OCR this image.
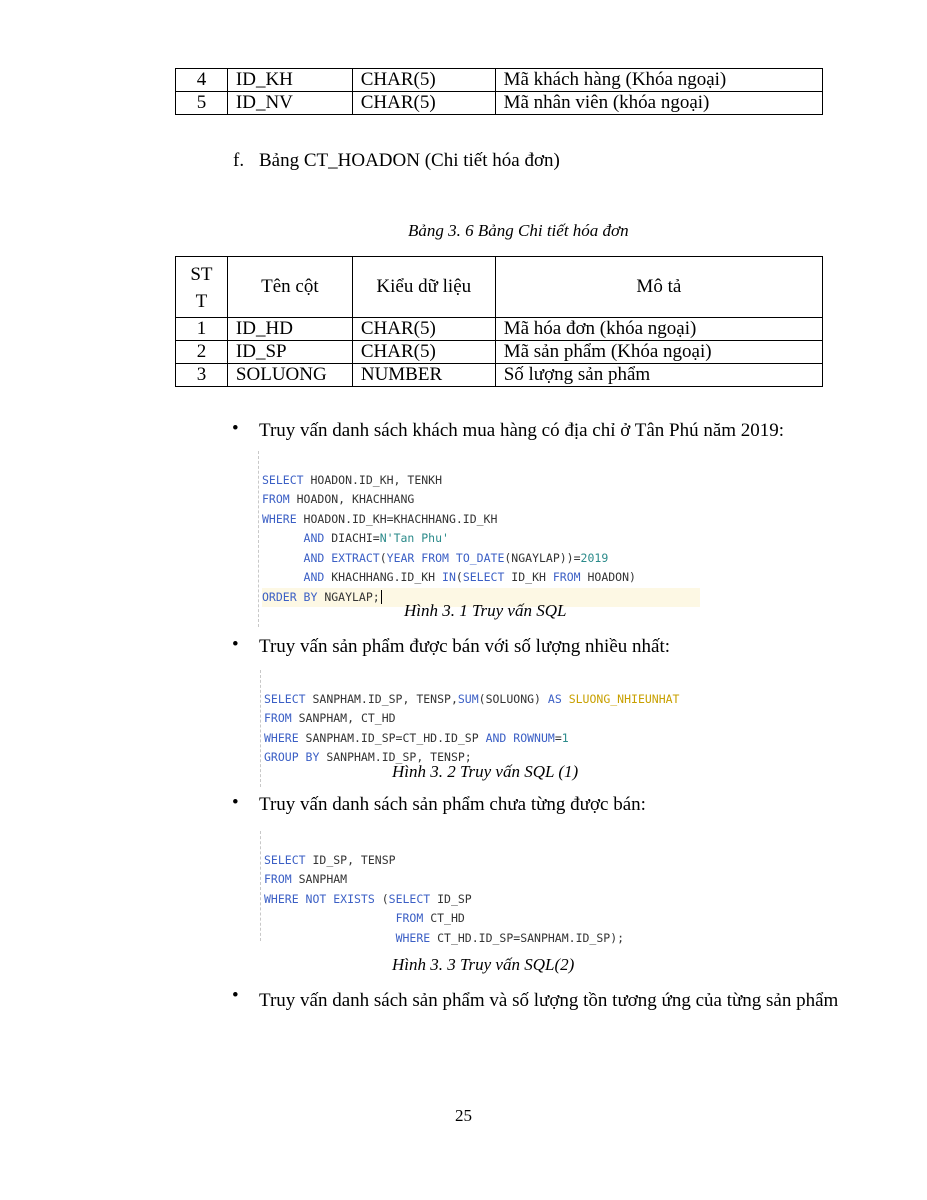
4	ID_KH	CHAR(5)	Mã khách hàng (Khóa ngoại)
5	ID_NV	CHAR(5)	Mã nhân viên (khóa ngoại)
f. Bảng CT_HOADON (Chi tiết hóa đơn)
Bảng 3. 6 Bảng Chi tiết hóa đơn
ST
T	Tên cột	Kiểu dữ liệu	Mô tả
1	ID_HD	CHAR(5)	Mã hóa đơn (khóa ngoại)
2	ID_SP	CHAR(5)	Mã sản phẩm (Khóa ngoại)
3	SOLUONG	NUMBER	Số lượng sản phẩm
• Truy vấn danh sách khách mua hàng có địa chỉ ở Tân Phú năm 2019:

SELECT HOADON.ID_KH, TENKH
FROM HOADON, KHACHHANG
WHERE HOADON.ID_KH=KHACHHANG.ID_KH
AND DIACHI=N'Tan Phu'
AND EXTRACT(YEAR FROM TO_DATE(NGAYLAP))=2019
AND KHACHHANG.ID_KH IN(SELECT ID_KH FROM HOADON)
ORDER BY NGAYLAP;

Hình 3. 1 Truy vấn SQL
• Truy vấn sản phẩm được bán với số lượng nhiều nhất:

SELECT SANPHAM.ID_SP, TENSP,SUM(SOLUONG) AS SLUONG_NHIEUNHAT
FROM SANPHAM, CT_HD
WHERE SANPHAM.ID_SP=CT_HD.ID_SP AND ROWNUM=1
GROUP BY SANPHAM.ID_SP, TENSP;

Hình 3. 2 Truy vấn SQL (1)
• Truy vấn danh sách sản phẩm chưa từng được bán:

SELECT ID_SP, TENSP
FROM SANPHAM
WHERE NOT EXISTS (SELECT ID_SP
FROM CT_HD
WHERE CT_HD.ID_SP=SANPHAM.ID_SP);

Hình 3. 3 Truy vấn SQL(2)
• Truy vấn danh sách sản phẩm và số lượng tồn tương ứng của từng sản phẩm
25
